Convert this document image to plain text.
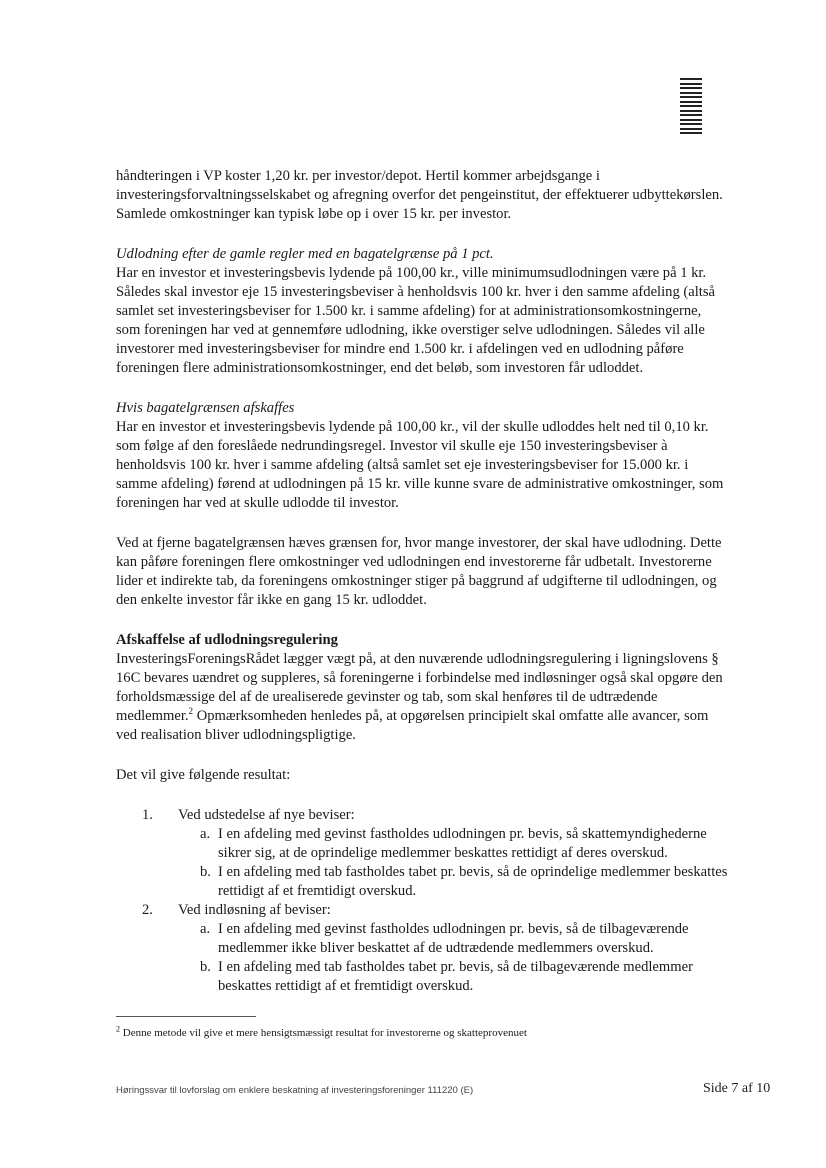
håndteringen i VP koster 1,20 kr. per investor/depot. Hertil kommer arbejdsgange i investeringsforvaltningsselskabet og afregning overfor det pengeinstitut, der effektuerer udbyttekørslen. Samlede omkostninger kan typisk løbe op i over 15 kr. per investor.

Udlodning efter de gamle regler med en bagatelgrænse på 1 pct.

Har en investor et investeringsbevis lydende på 100,00 kr., ville minimumsudlodningen være på 1 kr. Således skal investor eje 15 investeringsbeviser à henholdsvis 100 kr. hver i den samme afdeling (altså samlet set investeringsbeviser for 1.500 kr. i samme afdeling) for at administrationsomkostningerne, som foreningen har ved at gennemføre udlodning, ikke overstiger selve udlodningen. Således vil alle investorer med investeringsbeviser for mindre end 1.500 kr. i afdelingen ved en udlodning påføre foreningen flere administrationsomkostninger, end det beløb, som investoren får udloddet.

Hvis bagatelgrænsen afskaffes

Har en investor et investeringsbevis lydende på 100,00 kr., vil der skulle udloddes helt ned til 0,10 kr. som følge af den foreslåede nedrundingsregel. Investor vil skulle eje 150 investeringsbeviser à henholdsvis 100 kr. hver i samme afdeling (altså samlet set eje investeringsbeviser for 15.000 kr. i samme afdeling) førend at udlodningen på 15 kr. ville kunne svare de administrative omkostninger, som foreningen har ved at skulle udlodde til investor.

Ved at fjerne bagatelgrænsen hæves grænsen for, hvor mange investorer, der skal have udlodning. Dette kan påføre foreningen flere omkostninger ved udlodningen end investorerne får udbetalt. Investorerne lider et indirekte tab, da foreningens omkostninger stiger på baggrund af udgifterne til udlodningen, og den enkelte investor får ikke en gang 15 kr. udloddet.

Afskaffelse af udlodningsregulering

InvesteringsForeningsRådet lægger vægt på, at den nuværende udlodningsregulering i ligningslovens § 16C bevares uændret og suppleres, så foreningerne i forbindelse med indløsninger også skal opgøre den forholdsmæssige del af de urealiserede gevinster og tab, som skal henføres til de udtrædende medlemmer.$^2$ Opmærksomheden henledes på, at opgørelsen principielt skal omfatte alle avancer, som ved realisation bliver udlodningspligtige.

Det vil give følgende resultat:

1. Ved udstedelse af nye beviser:
a. I en afdeling med gevinst fastholdes udlodningen pr. bevis, så skattemyndighederne sikrer sig, at de oprindelige medlemmer beskattes rettidigt af deres overskud.
b. I en afdeling med tab fastholdes tabet pr. bevis, så de oprindelige medlemmer beskattes rettidigt af et fremtidigt overskud.
2. Ved indløsning af beviser:
a. I en afdeling med gevinst fastholdes udlodningen pr. bevis, så de tilbageværende medlemmer ikke bliver beskattet af de udtrædende medlemmers overskud.
b. I en afdeling med tab fastholdes tabet pr. bevis, så de tilbageværende medlemmer beskattes rettidigt af et fremtidigt overskud.
$^2$ Denne metode vil give et mere hensigtsmæssigt resultat for investorerne og skatteprovenuet
Høringssvar til lovforslag om enklere beskatning af investeringsforeninger 111220 (E)	Side 7 af 10
